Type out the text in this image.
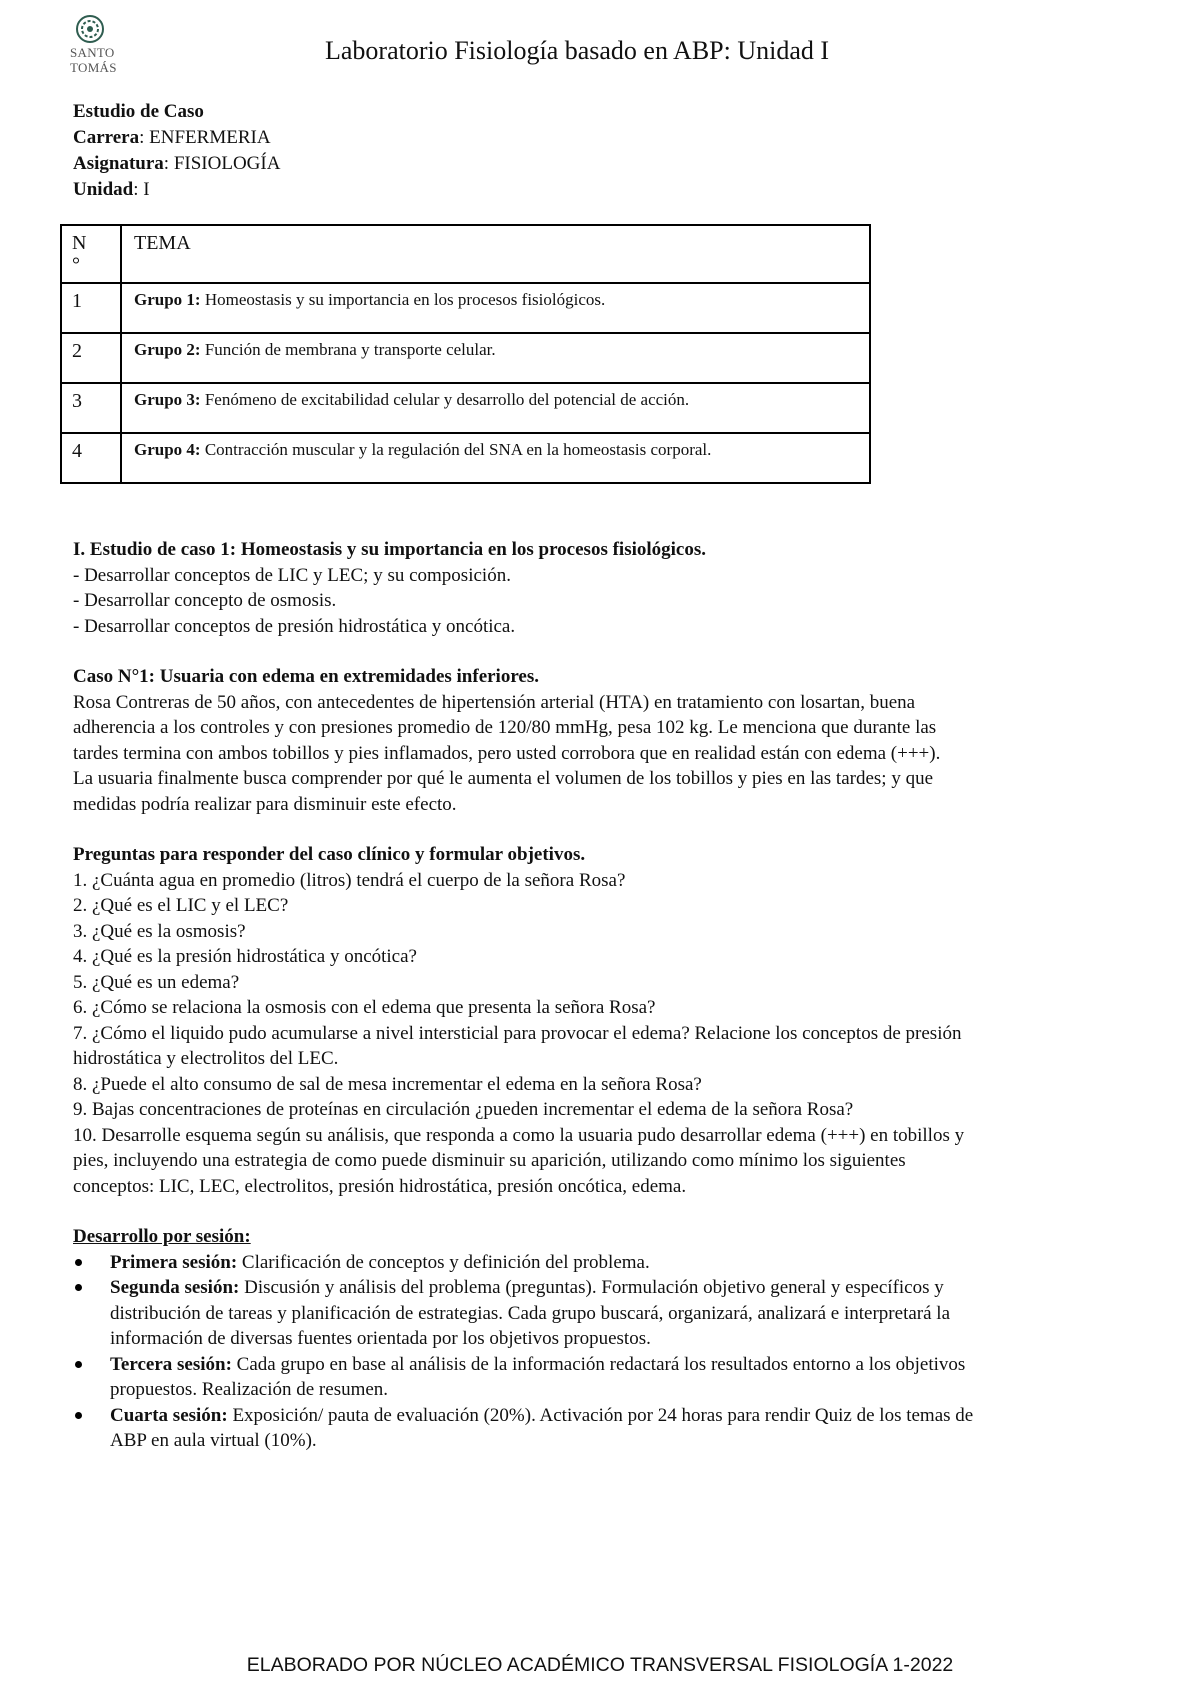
SANTO
TOMÁS
Laboratorio Fisiología basado en ABP: Unidad I
Estudio de Caso
Carrera: ENFERMERIA
Asignatura: FISIOLOGÍA
Unidad: I
N
°	TEMA
1	Grupo 1: Homeostasis y su importancia en los procesos fisiológicos.
2	Grupo 2: Función de membrana y transporte celular.
3	Grupo 3: Fenómeno de excitabilidad celular y desarrollo del potencial de acción.
4	Grupo 4: Contracción muscular y la regulación del SNA en la homeostasis corporal.

I. Estudio de caso 1: Homeostasis y su importancia en los procesos fisiológicos.

- Desarrollar conceptos de LIC y LEC; y su composición.

- Desarrollar concepto de osmosis.

- Desarrollar conceptos de presión hidrostática y oncótica.

Caso N°1: Usuaria con edema en extremidades inferiores.

Rosa Contreras de 50 años, con antecedentes de hipertensión arterial (HTA) en tratamiento con losartan, buena

adherencia a los controles y con presiones promedio de 120/80 mmHg, pesa 102 kg. Le menciona que durante las

tardes termina con ambos tobillos y pies inflamados, pero usted corrobora que en realidad están con edema (+++).

La usuaria finalmente busca comprender por qué le aumenta el volumen de los tobillos y pies en las tardes; y que

medidas podría realizar para disminuir este efecto.

Preguntas para responder del caso clínico y formular objetivos.

1. ¿Cuánta agua en promedio (litros) tendrá el cuerpo de la señora Rosa?

2. ¿Qué es el LIC y el LEC?

3. ¿Qué es la osmosis?

4. ¿Qué es la presión hidrostática y oncótica?

5. ¿Qué es un edema?

6. ¿Cómo se relaciona la osmosis con el edema que presenta la señora Rosa?

7. ¿Cómo el liquido pudo acumularse a nivel intersticial para provocar el edema? Relacione los conceptos de presión

hidrostática y electrolitos del LEC.

8. ¿Puede el alto consumo de sal de mesa incrementar el edema en la señora Rosa?

9. Bajas concentraciones de proteínas en circulación ¿pueden incrementar el edema de la señora Rosa?

10. Desarrolle esquema según su análisis, que responda a como la usuaria pudo desarrollar edema (+++) en tobillos y

pies, incluyendo una estrategia de como puede disminuir su aparición, utilizando como mínimo los siguientes

conceptos: LIC, LEC, electrolitos, presión hidrostática, presión oncótica, edema.

Desarrollo por sesión:

Primera sesión: Clarificación de conceptos y definición del problema.
Segunda sesión: Discusión y análisis del problema (preguntas). Formulación objetivo general y específicos y
distribución de tareas y planificación de estrategias. Cada grupo buscará, organizará, analizará e interpretará la
información de diversas fuentes orientada por los objetivos propuestos.
Tercera sesión: Cada grupo en base al análisis de la información redactará los resultados entorno a los objetivos
propuestos. Realización de resumen.
Cuarta sesión: Exposición/ pauta de evaluación (20%). Activación por 24 horas para rendir Quiz de los temas de
ABP en aula virtual (10%).
ELABORADO POR NÚCLEO ACADÉMICO TRANSVERSAL FISIOLOGÍA 1-2022
